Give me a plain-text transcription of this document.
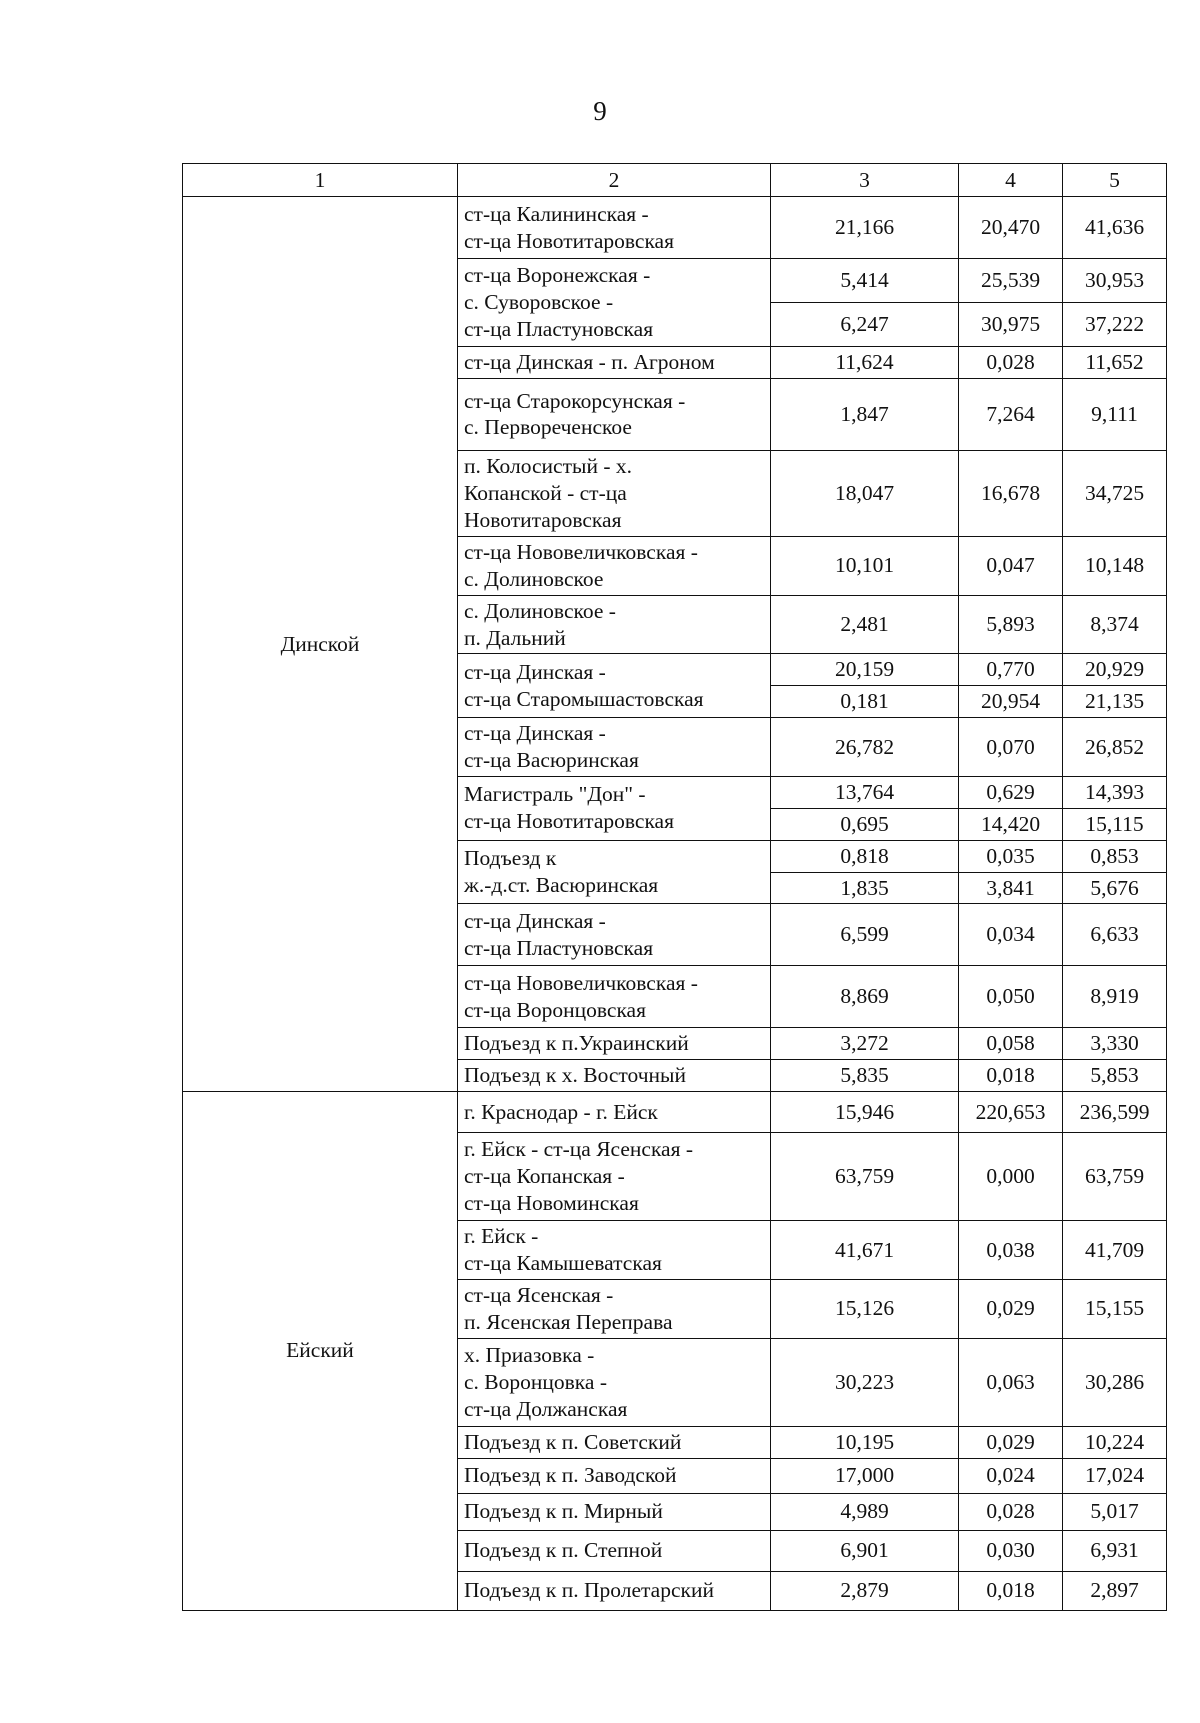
9
1	2	3	4	5
Динской	ст-ца Калининская -
ст-ца Новотитаровская	21,166	20,470	41,636
	ст-ца Воронежская -
с. Суворовское -
ст-ца Пластуновская	5,414	25,539	30,953
		6,247	30,975	37,222
	ст-ца Динская - п. Агроном	11,624	0,028	11,652
	ст-ца Старокорсунская -
с. Первореченское	1,847	7,264	9,111
	п. Колосистый - х.
Копанской - ст-ца
Новотитаровская	18,047	16,678	34,725
	ст-ца Нововеличковская -
с. Долиновское	10,101	0,047	10,148
	с. Долиновское -
п. Дальний	2,481	5,893	8,374
	ст-ца Динская -
ст-ца Старомышастовская	20,159	0,770	20,929
		0,181	20,954	21,135
	ст-ца Динская -
ст-ца Васюринская	26,782	0,070	26,852
	Магистраль "Дон" -
ст-ца Новотитаровская	13,764	0,629	14,393
		0,695	14,420	15,115
	Подъезд к
ж.-д.ст. Васюринская	0,818	0,035	0,853
		1,835	3,841	5,676
	ст-ца Динская -
ст-ца Пластуновская	6,599	0,034	6,633
	ст-ца Нововеличковская -
ст-ца Воронцовская	8,869	0,050	8,919
	Подъезд к п.Украинский	3,272	0,058	3,330
	Подъезд к х. Восточный	5,835	0,018	5,853
Ейский	г. Краснодар - г. Ейск	15,946	220,653	236,599
	г. Ейск - ст-ца Ясенская -
ст-ца Копанская -
ст-ца Новоминская	63,759	0,000	63,759
	г. Ейск -
ст-ца Камышеватская	41,671	0,038	41,709
	ст-ца Ясенская -
п. Ясенская Переправа	15,126	0,029	15,155
	х. Приазовка -
с. Воронцовка -
ст-ца Должанская	30,223	0,063	30,286
	Подъезд к п. Советский	10,195	0,029	10,224
	Подъезд к п. Заводской	17,000	0,024	17,024
	Подъезд к п. Мирный	4,989	0,028	5,017
	Подъезд к п. Степной	6,901	0,030	6,931
	Подъезд к п. Пролетарский	2,879	0,018	2,897
